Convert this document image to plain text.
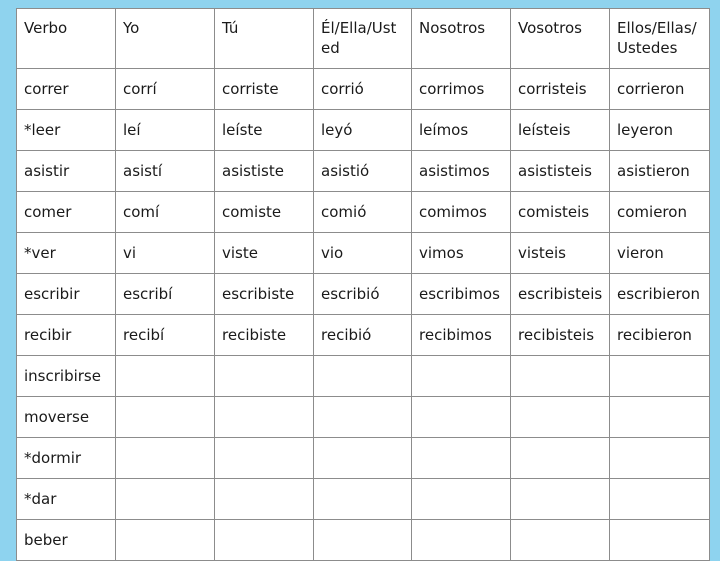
Verbo	Yo	Tú	Él/Ella/Ust ed	Nosotros	Vosotros	Ellos/Ellas/ Ustedes
correr	corrí	corriste	corrió	corrimos	corristeis	corrieron
*leer	leí	leíste	leyó	leímos	leísteis	leyeron
asistir	asistí	asististe	asistió	asistimos	asististeis	asistieron
comer	comí	comiste	comió	comimos	comisteis	comieron
*ver	vi	viste	vio	vimos	visteis	vieron
escribir	escribí	escribiste	escribió	escribimos	escribisteis	escribieron
recibir	recibí	recibiste	recibió	recibimos	recibisteis	recibieron
inscribirse						
moverse						
*dormir						
*dar						
beber						
